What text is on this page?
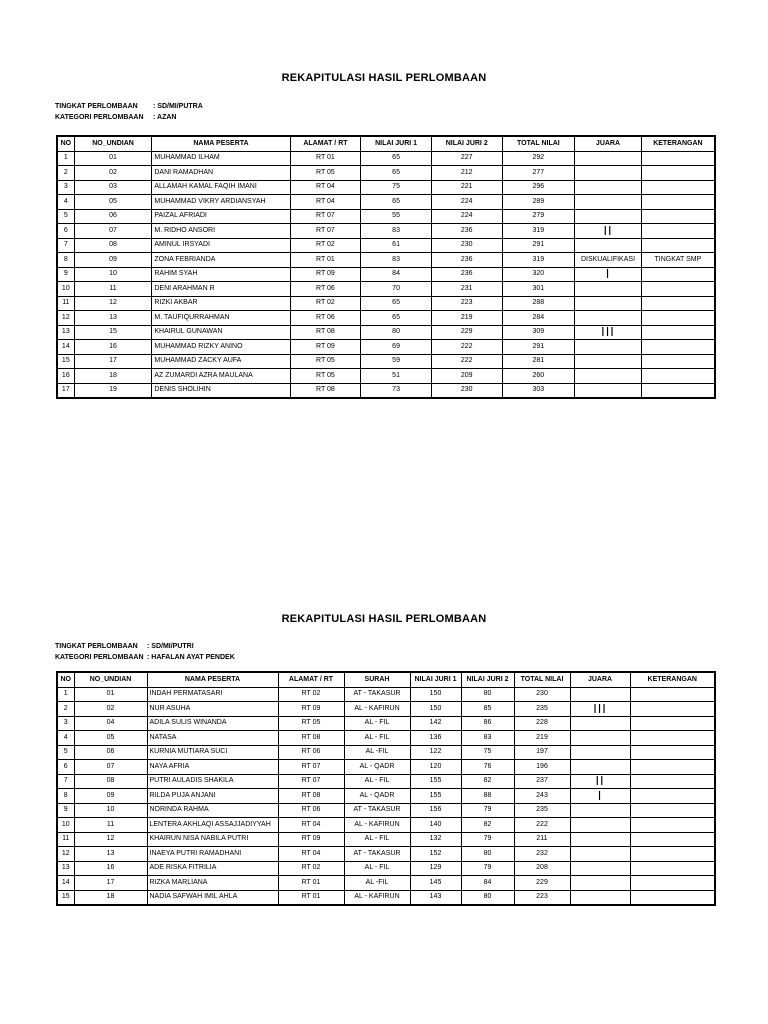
REKAPITULASI HASIL PERLOMBAAN
TINGKAT PERLOMBAAN	: SD/MI/PUTRA
KATEGORI PERLOMBAAN	: AZAN
NO	NO_UNDIAN	NAMA PESERTA	ALAMAT / RT	NILAI JURI 1	NILAI JURI 2	TOTAL NILAI	JUARA	KETERANGAN
1	01	MUHAMMAD ILHAM	RT 01	65	227	292		
2	02	DANI RAMADHAN	RT 05	65	212	277		
3	03	ALLAMAH KAMAL FAQIH IMANI	RT 04	75	221	296		
4	05	MUHAMMAD VIKRY ARDIANSYAH	RT 04	65	224	289		
5	06	PAIZAL AFRIADI	RT 07	55	224	279		
6	07	M. RIDHO ANSORI	RT 07	83	236	319	II	
7	08	AMINUL IRSYADI	RT 02	61	230	291		
8	09	ZONA FEBRIANDA	RT 01	83	236	319	DISKUALIFIKASI	TINGKAT SMP
9	10	RAHIM SYAH	RT 09	84	236	320	I	
10	11	DENI ARAHMAN R	RT 06	70	231	301		
11	12	RIZKI AKBAR	RT 02	65	223	288		
12	13	M. TAUFIQURRAHMAN	RT 06	65	219	284		
13	15	KHAIRUL GUNAWAN	RT 08	80	229	309	III	
14	16	MUHAMMAD RIZKY ANINO	RT 09	69	222	291		
15	17	MUHAMMAD ZACKY AUFA	RT 05	59	222	281		
16	18	AZ ZUMARDI AZRA MAULANA	RT 05	51	209	260		
17	19	DENIS SHOLIHIN	RT 08	73	230	303		
REKAPITULASI HASIL PERLOMBAAN
TINGKAT PERLOMBAAN	: SD/MI/PUTRI
KATEGORI PERLOMBAAN : HAFALAN AYAT PENDEK
NO	NO_UNDIAN	NAMA PESERTA	ALAMAT / RT	SURAH	NILAI JURI 1	NILAI JURI 2	TOTAL NILAI	JUARA	KETERANGAN
1	01	INDAH PERMATASARI	RT 02	AT - TAKASUR	150	80	230		
2	02	NUR ASUHA	RT 09	AL - KAFIRUN	150	85	235	III	
3	04	ADILA SULIS WINANDA	RT 05	AL - FIL	142	86	228		
4	05	NATASA	RT 08	AL - FIL	136	83	219		
5	06	KURNIA MUTIARA SUCI	RT 06	AL -FIL	122	75	197		
6	07	NAYA AFRIA	RT 07	AL - QADR	120	76	196		
7	08	PUTRI AULADIS SHAKILA	RT 07	AL - FIL	155	82	237	II	
8	09	RILDA PUJA ANJANI	RT 08	AL - QADR	155	88	243	I	
9	10	NORINDA RAHMA	RT 06	AT - TAKASUR	156	79	235		
10	11	LENTERA AKHLAQI ASSAJJADIYYAH	RT 04	AL - KAFIRUN	140	82	222		
11	12	KHAIRUN NISA NABILA PUTRI	RT 09	AL - FIL	132	79	211		
12	13	INAEYA PUTRI RAMADHANI	RT 04	AT - TAKASUR	152	80	232		
13	16	ADE RISKA FITRILIA	RT 02	AL - FIL	129	79	208		
14	17	RIZKA MARLIANA	RT 01	AL -FIL	145	84	229		
15	18	NADIA SAFWAH IMIL AHLA	RT 01	AL - KAFIRUN	143	80	223		
